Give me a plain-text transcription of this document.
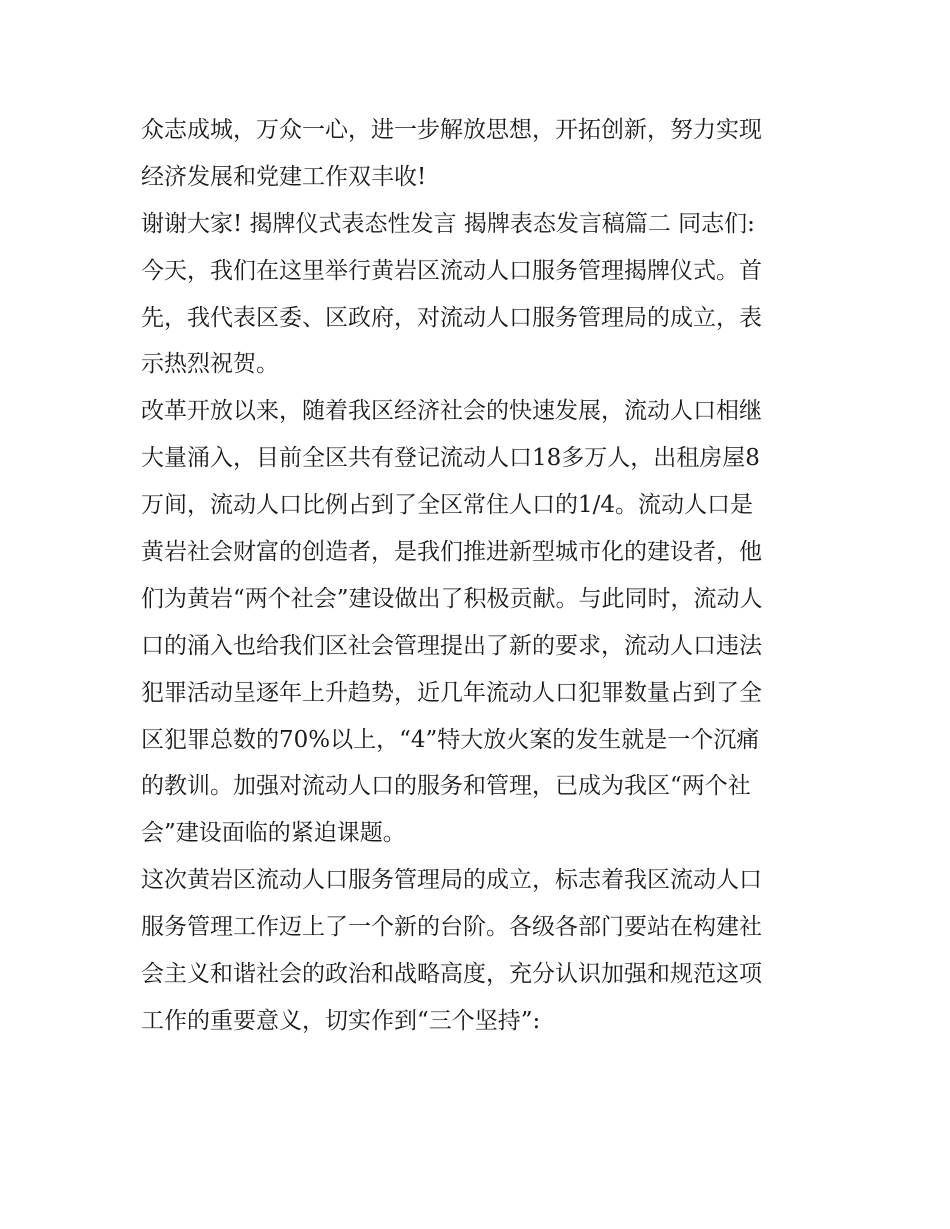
众志成城，万众一心，进一步解放思想，开拓创新，努力实现
经济发展和党建工作双丰收!
谢谢大家! 揭牌仪式表态性发言 揭牌表态发言稿篇二 同志们:
今天，我们在这里举行黄岩区流动人口服务管理揭牌仪式。首
先，我代表区委、区政府，对流动人口服务管理局的成立，表
示热烈祝贺。
改革开放以来，随着我区经济社会的快速发展，流动人口相继
大量涌入，目前全区共有登记流动人口18多万人，出租房屋8
万间，流动人口比例占到了全区常住人口的1/4。流动人口是
黄岩社会财富的创造者，是我们推进新型城市化的建设者，他
们为黄岩“两个社会”建设做出了积极贡献。与此同时，流动人
口的涌入也给我们区社会管理提出了新的要求，流动人口违法
犯罪活动呈逐年上升趋势，近几年流动人口犯罪数量占到了全
区犯罪总数的70%以上，“4”特大放火案的发生就是一个沉痛
的教训。加强对流动人口的服务和管理，已成为我区“两个社
会”建设面临的紧迫课题。
这次黄岩区流动人口服务管理局的成立，标志着我区流动人口
服务管理工作迈上了一个新的台阶。各级各部门要站在构建社
会主义和谐社会的政治和战略高度，充分认识加强和规范这项
工作的重要意义，切实作到“三个坚持”:
